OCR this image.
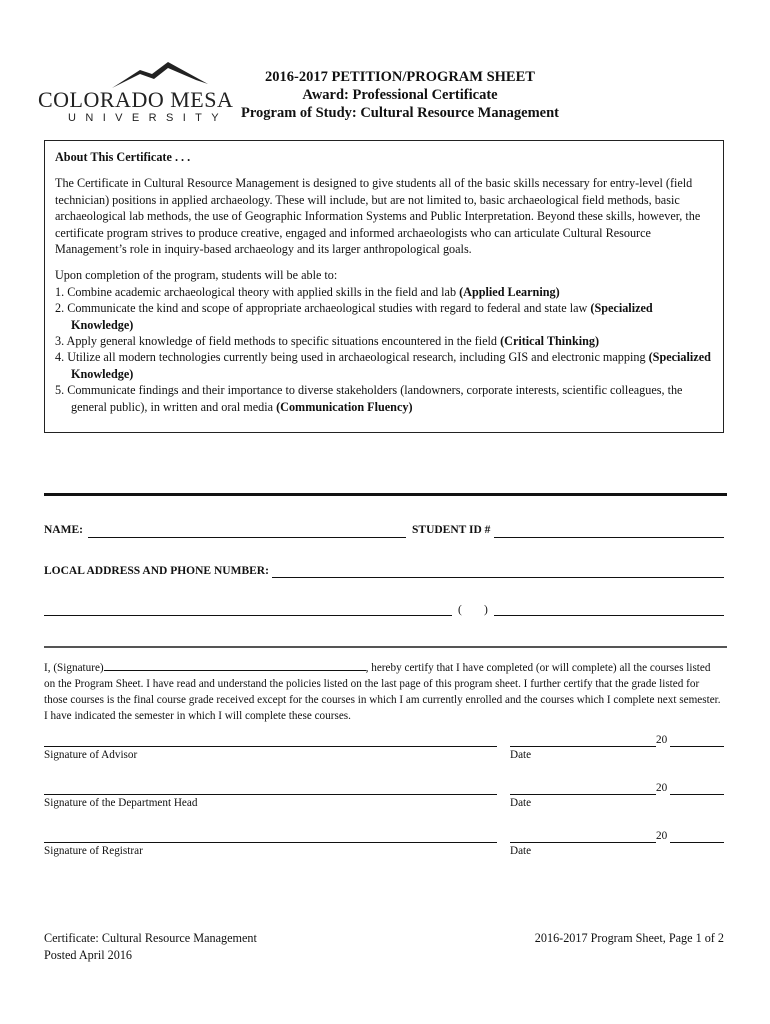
COLORADO MESA
UNIVERSITY
2016-2017 PETITION/PROGRAM SHEET
Award: Professional Certificate
Program of Study: Cultural Resource Management

About This Certificate . . .

The Certificate in Cultural Resource Management is designed to give students all of the basic skills necessary for entry-level (field technician) positions in applied archaeology. These will include, but are not limited to, basic archaeological field methods, basic archaeological lab methods, the use of Geographic Information Systems and Public Interpretation. Beyond these skills, however, the certificate program strives to produce creative, engaged and informed archaeologists who can articulate Cultural Resource Management’s role in inquiry-based archaeology and its larger anthropological goals.

Upon completion of the program, students will be able to:

1. Combine academic archaeological theory with applied skills in the field and lab (Applied Learning)

2. Communicate the kind and scope of appropriate archaeological studies with regard to federal and state law (Specialized Knowledge)

3. Apply general knowledge of field methods to specific situations encountered in the field (Critical Thinking)

4. Utilize all modern technologies currently being used in archaeological research, including GIS and electronic mapping (Specialized Knowledge)

5. Communicate findings and their importance to diverse stakeholders (landowners, corporate interests, scientific colleagues, the general public), in written and oral media (Communication Fluency)

NAME:	STUDENT ID #
LOCAL ADDRESS AND PHONE NUMBER:
( )
I, (Signature)	, hereby certify that I have completed (or will complete) all the courses listed on the Program Sheet. I have read and understand the policies listed on the last page of this program sheet. I further certify that the grade listed for those courses is the final course grade received except for the courses in which I am currently enrolled and the courses which I complete next semester. I have indicated the semester in which I will complete these courses.
Signature of Advisor
20
Date
Signature of the Department Head
20
Date
Signature of Registrar
20
Date
Certificate: Cultural Resource Management
Posted April 2016
2016-2017 Program Sheet, Page 1 of 2
